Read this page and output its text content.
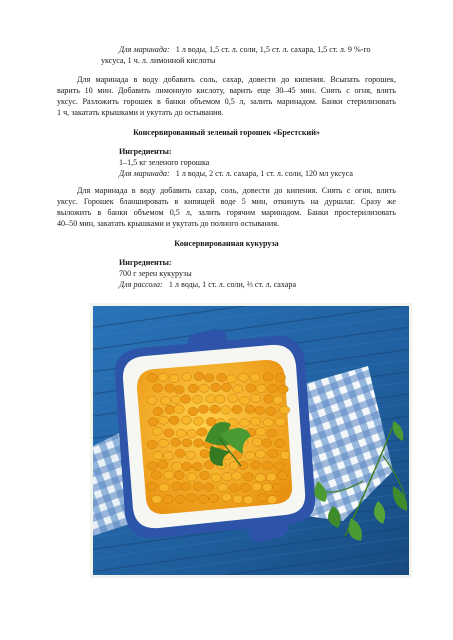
Для маринада: 1 л воды, 1,5 ст. л. соли, 1,5 ст. л. сахара, 1,5 ст. л. 9 %-го
уксуса, 1 ч. л. лимонной кислоты
Для маринада в воду добавить соль, сахар, довести до кипения. Всыпать горошек,
варить 10 мин. Добавить лимонную кислоту, варить еще 30–45 мин. Снять с огня, влить
уксус. Разложить горошек в банки объемом 0,5 л, залить маринадом. Банки стерилизовать
1 ч, закатать крышками и укутать до остывания.
Консервированный зеленый горошек «Брестский»
Ингредиенты:
1–1,5 кг зеленого горошка
Для маринада: 1 л воды, 2 ст. л. сахара, 1 ст. л. соли, 120 мл уксуса
Для маринада в воду добавить сахар, соль, довести до кипения. Снять с огня, влить
уксус. Горошек бланшировать в кипящей воде 5 мин, откинуть на дуршлаг. Сразу же
выложить в банки объемом 0,5 л, залить горячим маринадом. Банки простерилизовать
40–50 мин, закатать крышками и укутать до полного остывания.
Консервированная кукуруза
Ингредиенты:
700 г зерен кукурузы
Для рассола: 1 л воды, 1 ст. л. соли, ⅔ ст. л. сахара
